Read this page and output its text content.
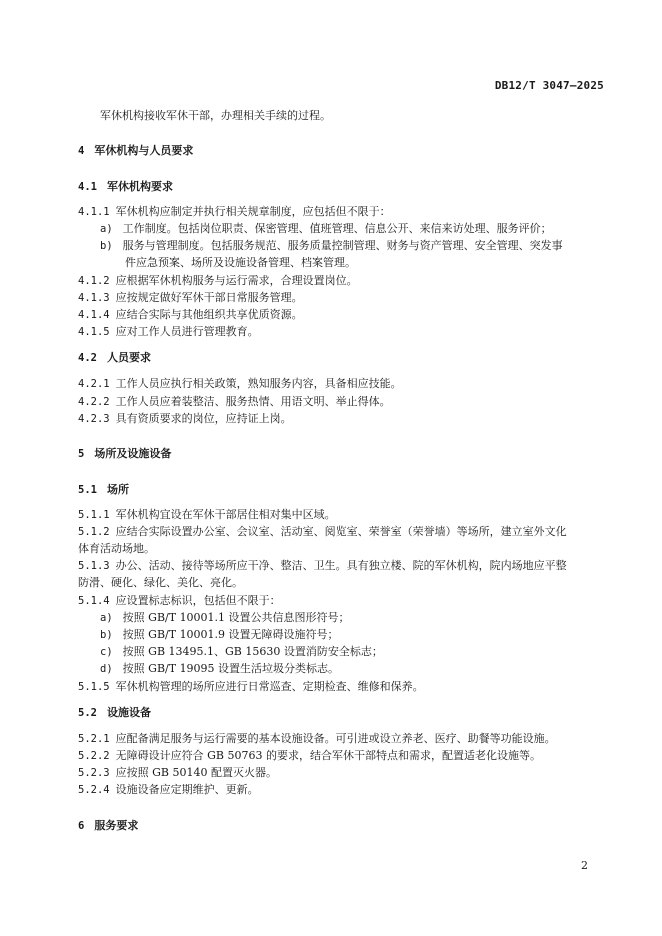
DB12/T 3047—2025
军休机构接收军休干部，办理相关手续的过程。
4 军休机构与人员要求
4.1 军休机构要求
4.1.1 军休机构应制定并执行相关规章制度，应包括但不限于：
a) 工作制度。包括岗位职责、保密管理、值班管理、信息公开、来信来访处理、服务评价；
b) 服务与管理制度。包括服务规范、服务质量控制管理、财务与资产管理、安全管理、突发事
件应急预案、场所及设施设备管理、档案管理。
4.1.2 应根据军休机构服务与运行需求，合理设置岗位。
4.1.3 应按规定做好军休干部日常服务管理。
4.1.4 应结合实际与其他组织共享优质资源。
4.1.5 应对工作人员进行管理教育。
4.2 人员要求
4.2.1 工作人员应执行相关政策，熟知服务内容，具备相应技能。
4.2.2 工作人员应着装整洁、服务热情、用语文明、举止得体。
4.2.3 具有资质要求的岗位，应持证上岗。
5 场所及设施设备
5.1 场所
5.1.1 军休机构宜设在军休干部居住相对集中区域。
5.1.2 应结合实际设置办公室、会议室、活动室、阅览室、荣誉室（荣誉墙）等场所，建立室外文化
体育活动场地。
5.1.3 办公、活动、接待等场所应干净、整洁、卫生。具有独立楼、院的军休机构，院内场地应平整
防滑、硬化、绿化、美化、亮化。
5.1.4 应设置标志标识，包括但不限于：
a) 按照 GB/T 10001.1 设置公共信息图形符号；
b) 按照 GB/T 10001.9 设置无障碍设施符号；
c) 按照 GB 13495.1、GB 15630 设置消防安全标志；
d) 按照 GB/T 19095 设置生活垃圾分类标志。
5.1.5 军休机构管理的场所应进行日常巡查、定期检查、维修和保养。
5.2 设施设备
5.2.1 应配备满足服务与运行需要的基本设施设备。可引进或设立养老、医疗、助餐等功能设施。
5.2.2 无障碍设计应符合 GB 50763 的要求，结合军休干部特点和需求，配置适老化设施等。
5.2.3 应按照 GB 50140 配置灭火器。
5.2.4 设施设备应定期维护、更新。
6 服务要求
2
